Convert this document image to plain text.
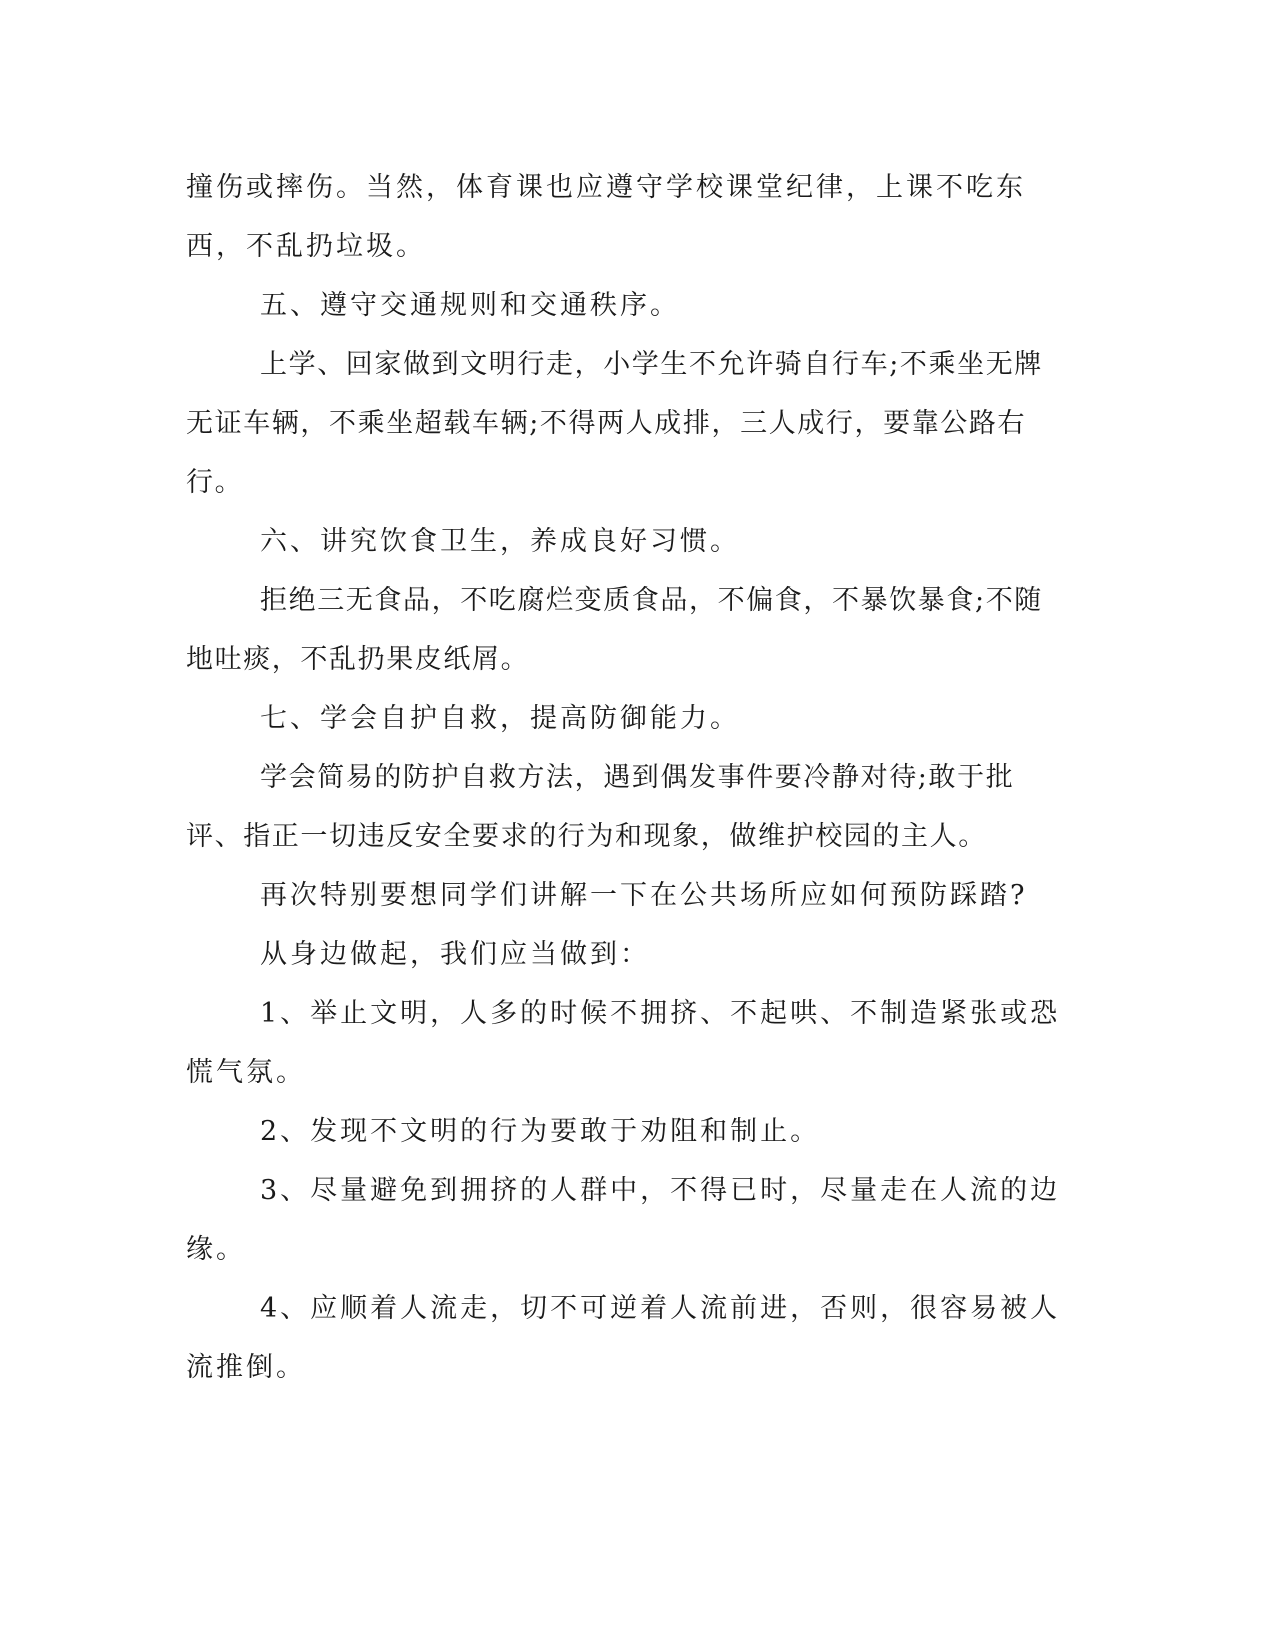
撞伤或摔伤。当然，体育课也应遵守学校课堂纪律，上课不吃东西，不乱扔垃圾。

五、遵守交通规则和交通秩序。

上学、回家做到文明行走，小学生不允许骑自行车;不乘坐无牌无证车辆，不乘坐超载车辆;不得两人成排，三人成行，要靠公路右行。

六、讲究饮食卫生，养成良好习惯。

拒绝三无食品，不吃腐烂变质食品，不偏食，不暴饮暴食;不随地吐痰，不乱扔果皮纸屑。

七、学会自护自救，提高防御能力。

学会简易的防护自救方法，遇到偶发事件要冷静对待;敢于批评、指正一切违反安全要求的行为和现象，做维护校园的主人。

再次特别要想同学们讲解一下在公共场所应如何预防踩踏?

从身边做起，我们应当做到：

1、举止文明，人多的时候不拥挤、不起哄、不制造紧张或恐慌气氛。

2、发现不文明的行为要敢于劝阻和制止。

3、尽量避免到拥挤的人群中，不得已时，尽量走在人流的边缘。

4、应顺着人流走，切不可逆着人流前进，否则，很容易被人流推倒。
